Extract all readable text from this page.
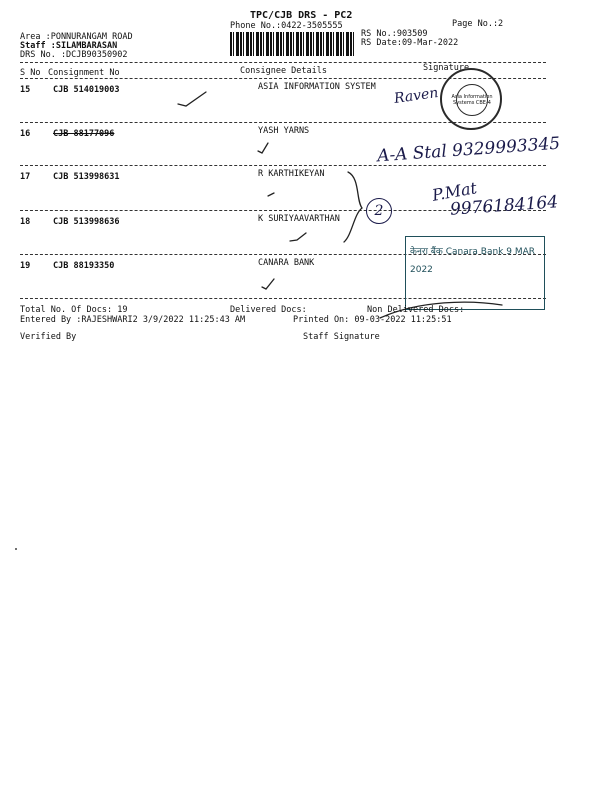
TPC/CJB DRS - PC2
Phone No.:0422-3505555	Page No.:2
Area :PONNURANGAM ROAD
Staff :SILAMBARASAN
DRS No. :DCJB90350902
RS No.:903509
RS Date:09-Mar-2022
S No Consignment No	Consignee Details	Signature
15	CJB 514019003	ASIA INFORMATION SYSTEM
16	CJB 88177096	YASH YARNS
17	CJB 513998631	R KARTHIKEYAN
18	CJB 513998636	K SURIYAAVARTHAN
19	CJB 88193350	CANARA BANK
Raven
A-A Stal 9329993345
P.Mat
9976184164
2
Asia Information Systems CBE-4
केनरा बैंक Canara Bank 9 MAR 2022
Total No. Of Docs: 19	Delivered Docs:	Non Delivered Docs:
Entered By :RAJESHWARI2 3/9/2022 11:25:43 AM	Printed On: 09-03-2022 11:25:51
Verified By	Staff Signature
